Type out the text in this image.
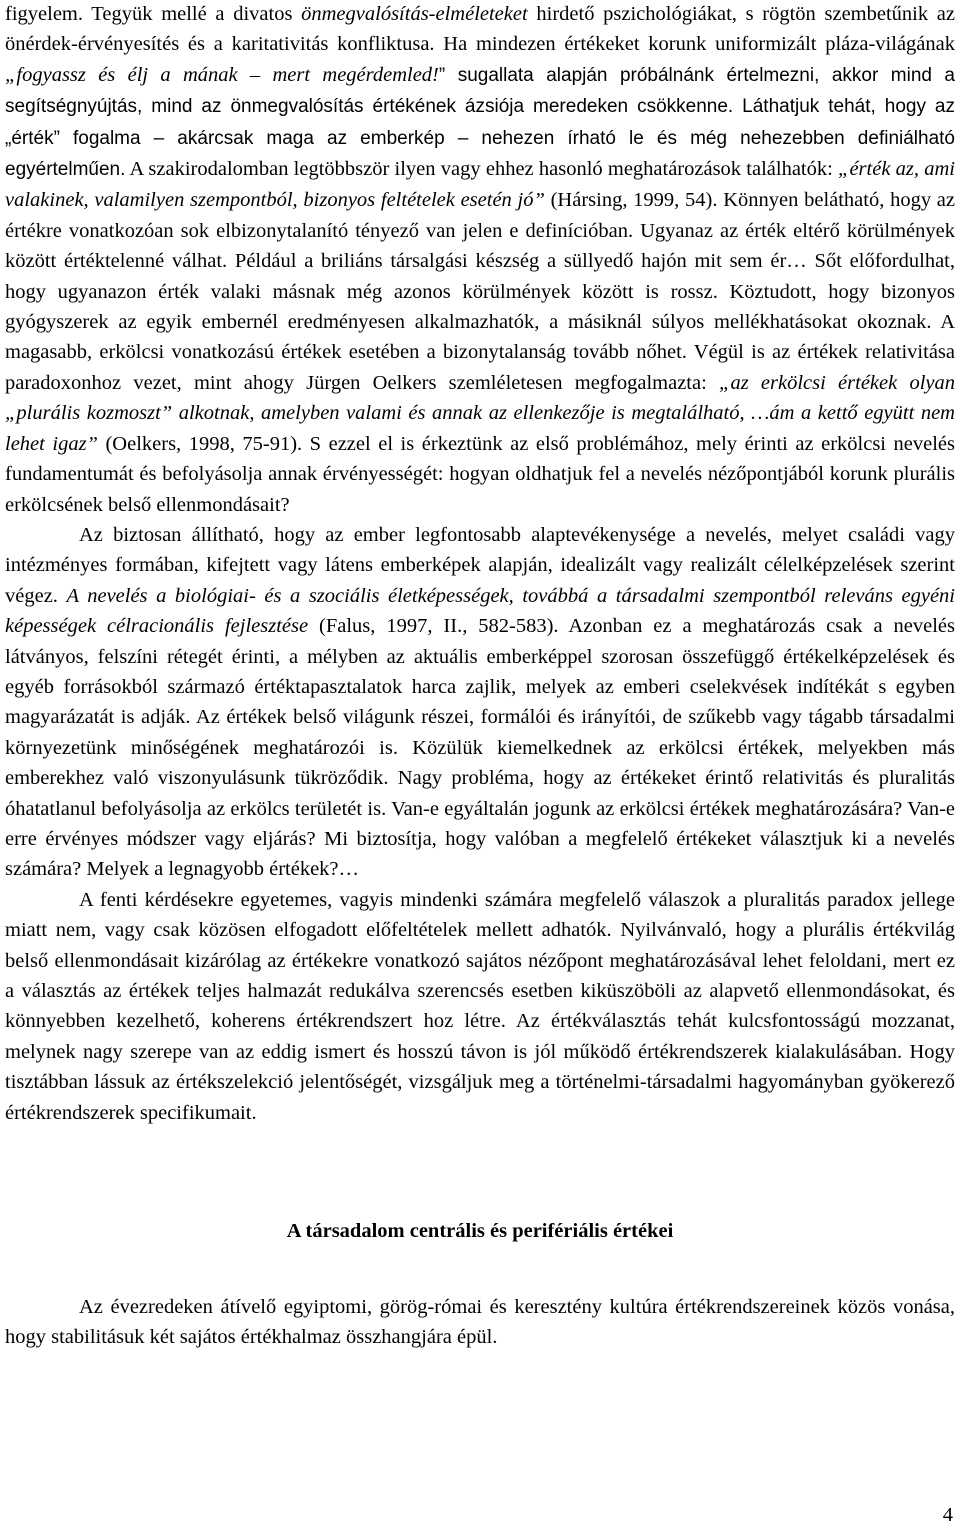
figyelem. Tegyük mellé a divatos önmegvalósítás-elméleteket hirdető pszichológiákat, s rögtön szembetűnik az önérdek-érvényesítés és a karitativitás konfliktusa. Ha mindezen értékeket korunk uniformizált pláza-világának „fogyassz és élj a mának – mert megérdemled!” sugallata alapján próbálnánk értelmezni, akkor mind a segítségnyújtás, mind az önmegvalósítás értékének ázsiója meredeken csökkenne. Láthatjuk tehát, hogy az „érték” fogalma – akárcsak maga az emberkép – nehezen írható le és még nehezebben definiálható egyértelműen. A szakirodalomban legtöbbször ilyen vagy ehhez hasonló meghatározások találhatók: „érték az, ami valakinek, valamilyen szempontból, bizonyos feltételek esetén jó” (Hársing, 1999, 54). Könnyen belátható, hogy az értékre vonatkozóan sok elbizonytalanító tényező van jelen e definícióban. Ugyanaz az érték eltérő körülmények között értéktelenné válhat. Például a briliáns társalgási készség a süllyedő hajón mit sem ér… Sőt előfordulhat, hogy ugyanazon érték valaki másnak még azonos körülmények között is rossz. Köztudott, hogy bizonyos gyógyszerek az egyik embernél eredményesen alkalmazhatók, a másiknál súlyos mellékhatásokat okoznak. A magasabb, erkölcsi vonatkozású értékek esetében a bizonytalanság tovább nőhet. Végül is az értékek relativitása paradoxonhoz vezet, mint ahogy Jürgen Oelkers szemléletesen megfogalmazta: „az erkölcsi értékek olyan „plurális kozmoszt” alkotnak, amelyben valami és annak az ellenkezője is megtalálható, …ám a kettő együtt nem lehet igaz” (Oelkers, 1998, 75-91). S ezzel el is érkeztünk az első problémához, mely érinti az erkölcsi nevelés fundamentumát és befolyásolja annak érvényességét: hogyan oldhatjuk fel a nevelés nézőpontjából korunk plurális erkölcsének belső ellenmondásait?

Az biztosan állítható, hogy az ember legfontosabb alaptevékenysége a nevelés, melyet családi vagy intézményes formában, kifejtett vagy látens emberképek alapján, idealizált vagy realizált célelképzelések szerint végez. A nevelés a biológiai- és a szociális életképességek, továbbá a társadalmi szempontból releváns egyéni képességek célracionális fejlesztése (Falus, 1997, II., 582-583). Azonban ez a meghatározás csak a nevelés látványos, felszíni rétegét érinti, a mélyben az aktuális emberképpel szorosan összefüggő értékelképzelések és egyéb forrásokból származó értéktapasztalatok harca zajlik, melyek az emberi cselekvések indítékát s egyben magyarázatát is adják. Az értékek belső világunk részei, formálói és irányítói, de szűkebb vagy tágabb társadalmi környezetünk minőségének meghatározói is. Közülük kiemelkednek az erkölcsi értékek, melyekben más emberekhez való viszonyulásunk tükröződik. Nagy probléma, hogy az értékeket érintő relativitás és pluralitás óhatatlanul befolyásolja az erkölcs területét is. Van-e egyáltalán jogunk az erkölcsi értékek meghatározására? Van-e erre érvényes módszer vagy eljárás? Mi biztosítja, hogy valóban a megfelelő értékeket választjuk ki a nevelés számára? Melyek a legnagyobb értékek?…

A fenti kérdésekre egyetemes, vagyis mindenki számára megfelelő válaszok a pluralitás paradox jellege miatt nem, vagy csak közösen elfogadott előfeltételek mellett adhatók. Nyilvánvaló, hogy a plurális értékvilág belső ellenmondásait kizárólag az értékekre vonatkozó sajátos nézőpont meghatározásával lehet feloldani, mert ez a választás az értékek teljes halmazát redukálva szerencsés esetben kiküszöböli az alapvető ellenmondásokat, és könnyebben kezelhető, koherens értékrendszert hoz létre. Az értékválasztás tehát kulcsfontosságú mozzanat, melynek nagy szerepe van az eddig ismert és hosszú távon is jól működő értékrendszerek kialakulásában. Hogy tisztábban lássuk az értékszelekció jelentőségét, vizsgáljuk meg a történelmi-társadalmi hagyományban gyökerező értékrendszerek specifikumait.

A társadalom centrális és perifériális értékei

Az évezredeken átívelő egyiptomi, görög-római és keresztény kultúra értékrendszereinek közös vonása, hogy stabilitásuk két sajátos értékhalmaz összhangjára épül.

4
